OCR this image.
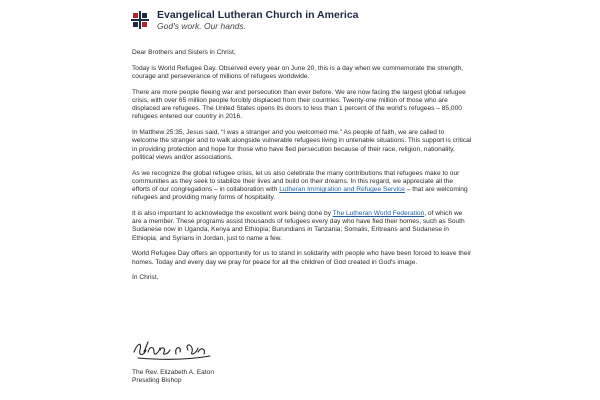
Evangelical Lutheran Church in America
God's work. Our hands.

Dear Brothers and Sisters in Christ,

Today is World Refugee Day. Observed every year on June 20, this is a day when we commemorate the strength, courage and perseverance of millions of refugees worldwide.

There are more people fleeing war and persecution than ever before. We are now facing the largest global refugee crisis, with over 65 million people forcibly displaced from their countries. Twenty-one million of those who are displaced are refugees. The United States opens its doors to less than 1 percent of the world's refugees – 85,000 refugees entered our country in 2016.

In Matthew 25:35, Jesus said, “I was a stranger and you welcomed me.” As people of faith, we are called to welcome the stranger and to walk alongside vulnerable refugees living in untenable situations. This support is critical in providing protection and hope for those who have fled persecution because of their race, religion, nationality, political views and/or associations.

As we recognize the global refugee crisis, let us also celebrate the many contributions that refugees make to our communities as they seek to stabilize their lives and build on their dreams. In this regard, we appreciate all the efforts of our congregations – in collaboration with Lutheran Immigration and Refugee Service – that are welcoming refugees and providing many forms of hospitality.

It is also important to acknowledge the excellent work being done by The Lutheran World Federation, of which we are a member. These programs assist thousands of refugees every day who have fled their homes, such as South Sudanese now in Uganda, Kenya and Ethiopia; Burundians in Tanzania; Somalis, Eritreans and Sudanese in Ethiopia; and Syrians in Jordan, just to name a few.

World Refugee Day offers an opportunity for us to stand in solidarity with people who have been forced to leave their homes. Today and every day we pray for peace for all the children of God created in God's image.

In Christ,

The Rev. Elizabeth A. Eaton
Presiding Bishop
